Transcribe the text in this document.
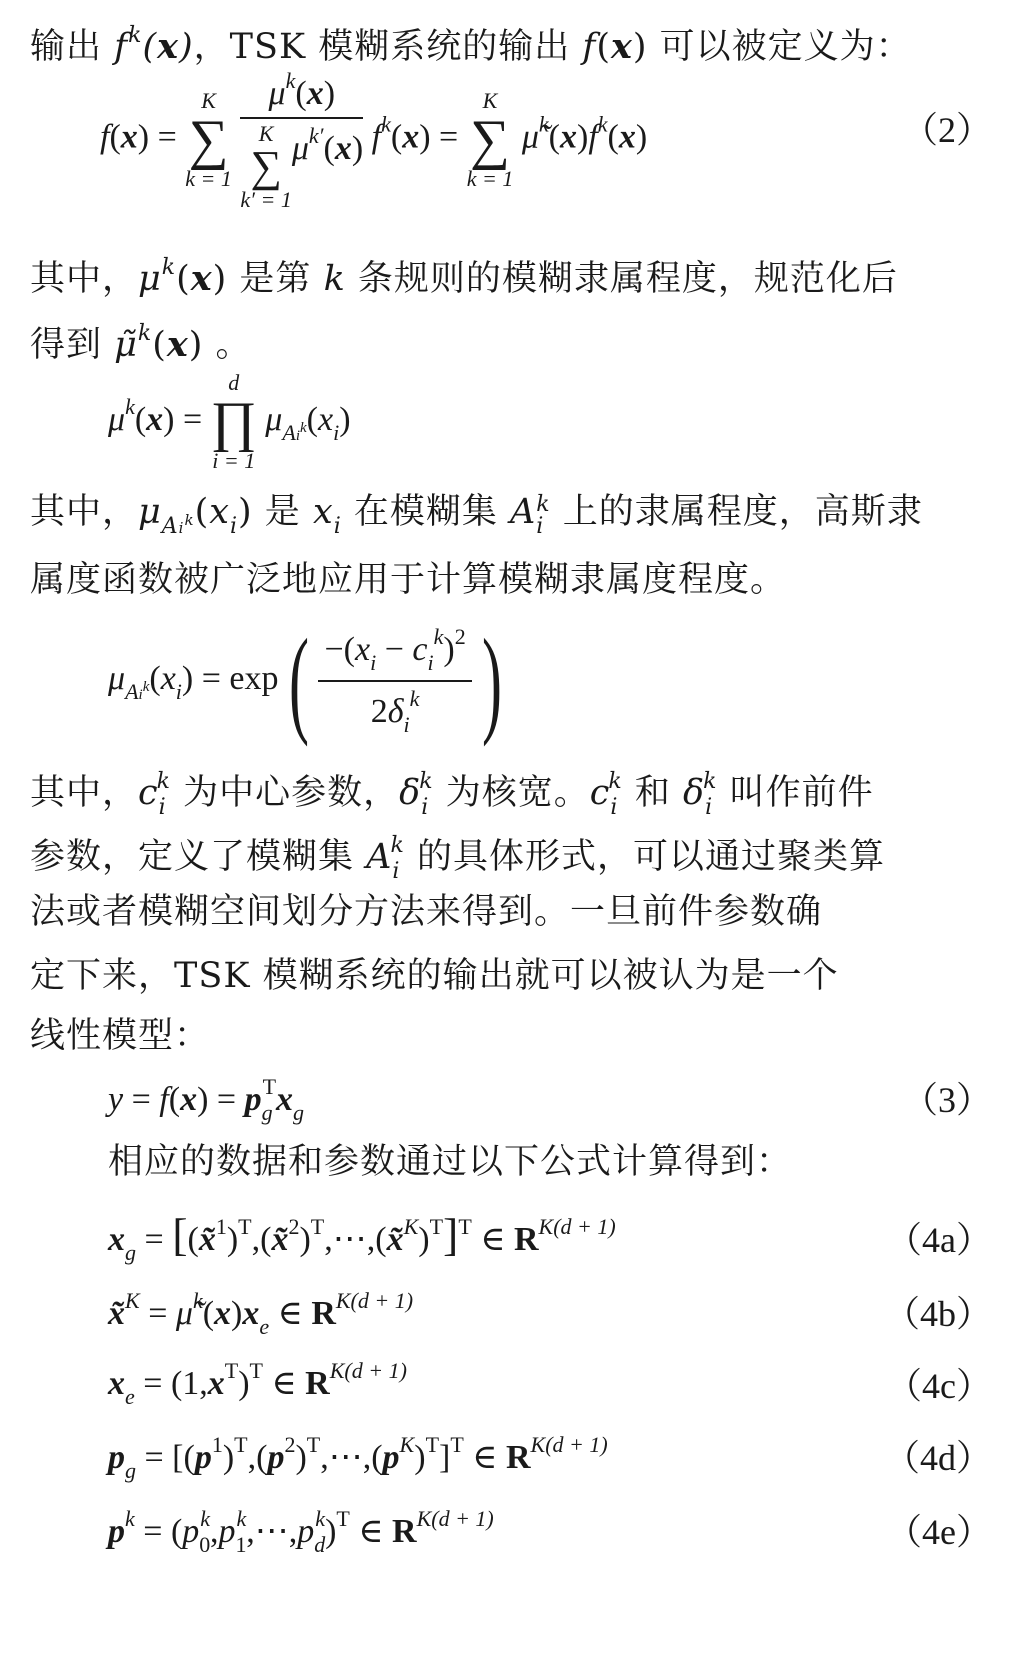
输出 $f^k(x)$，TSK 模糊系统的输出 f(x) 可以被定义为：
f(x) =
K
∑
k = 1
$\mu^k(x)$
K
∑
k′ = 1
$\mu^{k'}(x) f^k(x)$ =
K
∑
k = 1
$\mũ^k(x)f^k(x)$	（2）
其中，$\mu^k(x)$ 是第 k 条规则的模糊隶属程度，规范化后
得到 μ̃$^k$(x) 。
$\mu^k(x)$ =
d
∏
i = 1
$\mu_{Ai^k}(x_i)$
其中，$\mu_{Ai^k}(x_i)$ 是 $x_i$ 在模糊集 A k
i 上的隶属程度，高斯隶
属度函数被广泛地应用于计算模糊隶属度程度。
$\mu_{Ai^k}(x_i) = \exp( \frac{-(x_i - c_i^k)^2}{2\delta_i^k}$ )
其中，$c_i^k$ 为中心参数，$\delta_i^k$ 为核宽。$c_i^k$ 和 $\delta_i^k$ 叫作前件
参数，定义了模糊集 $A_i^k$ 的具体形式，可以通过聚类算
法或者模糊空间划分方法来得到。一旦前件参数确
定下来，TSK 模糊系统的输出就可以被认为是一个
线性模型：
$y = f(x) = p_g^Tx_g$	（3）
相应的数据和参数通过以下公式计算得到：
$x_g$ = [(x̃$^1$)$^T$,(x̃$^2$)$^T$,⋯,(x̃$^K$)$^T$]$^T$ ∈ $R^{K(d + 1)}$	（4a）
x̃$^K$ = $\mũ^k(x)x_e$ ∈ $R^{K(d + 1)}$	（4b）
$x_e = (1,x^T)^T$ ∈ $R^{K(d + 1)}$	（4c）
$p_g$ = $[(p^1)^T,(p^2)^T,\cdots,(p^K)^T]^T$ ∈ $R^{K(d + 1)}$	（4d）
$p^k$ = $(p_0^k,p_1^k,\cdots,p_d^k)^T$ ∈ $R^{K(d + 1)}$	（4e）
